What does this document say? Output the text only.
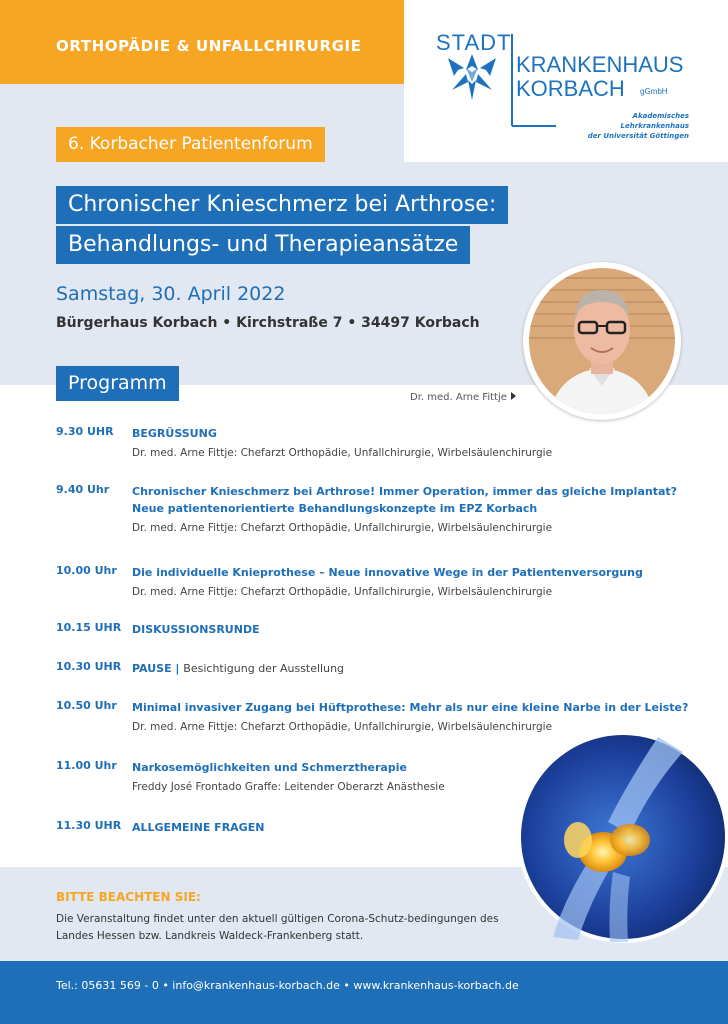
ORTHOPÄDIE & UNFALLCHIRURGIE	STADT
KRANKENHAUS
KORBACH gGmbH
Akademisches Lehrkrankenhaus
der Universität Göttingen
6. Korbacher Patientenforum
Chronischer Knieschmerz bei Arthrose:
Behandlungs- und Therapieansätze
Samstag, 30. April 2022
Bürgerhaus Korbach • Kirchstraße 7 • 34497 Korbach
Dr. med. Arne Fittje
Programm
9.30 UHR	BEGRÜSSUNG
Dr. med. Arne Fittje: Chefarzt Orthopädie, Unfallchirurgie, Wirbelsäulenchirurgie
9.40 Uhr	Chronischer Knieschmerz bei Arthrose! Immer Operation, immer das gleiche Implantat?
Neue patientenorientierte Behandlungskonzepte im EPZ Korbach
Dr. med. Arne Fittje: Chefarzt Orthopädie, Unfallchirurgie, Wirbelsäulenchirurgie
10.00 Uhr	Die individuelle Knieprothese – Neue innovative Wege in der Patientenversorgung
Dr. med. Arne Fittje: Chefarzt Orthopädie, Unfallchirurgie, Wirbelsäulenchirurgie
10.15 UHR DISKUSSIONSRUNDE
10.30 UHR PAUSE | Besichtigung der Ausstellung
10.50 Uhr	Minimal invasiver Zugang bei Hüftprothese: Mehr als nur eine kleine Narbe in der Leiste?
Dr. med. Arne Fittje: Chefarzt Orthopädie, Unfallchirurgie, Wirbelsäulenchirurgie
11.00 Uhr	Narkosemöglichkeiten und Schmerztherapie
Freddy José Frontado Graffe: Leitender Oberarzt Anästhesie
11.30 UHR ALLGEMEINE FRAGEN
BITTE BEACHTEN SIE:
Die Veranstaltung findet unter den aktuell gültigen Corona-Schutz-bedingungen des Landes Hessen bzw. Landkreis Waldeck-Frankenberg statt.
Tel.: 05631 569 - 0 • info@krankenhaus-korbach.de • www.krankenhaus-korbach.de
